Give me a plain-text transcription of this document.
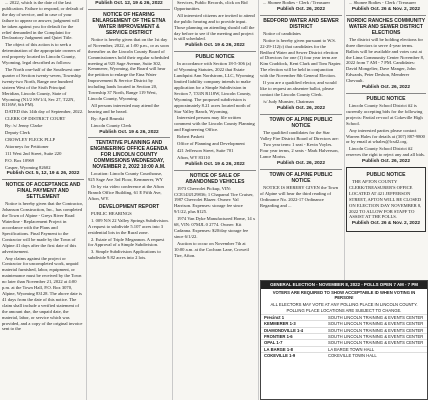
... 2022, which is the date of the last publication. Failure to respond, or default of the day of service, and in case of your failure to appear or answer, judgment will be taken against you for default for the relief demanded in the Complaint for Declaratory Judgment and Quiet Title.

The object of this action is to seek a determination of the appropriate owners of real property located in Lincoln County, Wyoming, legal described as follows:

The North one-half of the Southwest one-quarter of Section twenty-seven, Township twenty-two North, Range one hundred sixteen West of the Sixth Principal Meridian, Lincoln County, State of Wyoming (N1/2 SW1/4, Sec 27, T22N, R116W, 6th PM).

DATED this 14th day of September, 2022.

CLERK OF DISTRICT COURT

By: /s/ Jenny Clarke

Deputy Clerk

CROWLEY FLECK PLLP

Attorneys for Petitioner

111 West 2nd Street, Suite 220

P.O. Box 10969

Casper, Wyoming 82602

Publish Oct. 5, 12, 19 & 26, 2022
NOTICE OF ACCEPTANCE AND FINAL PAYMENT AND SETTLEMENT

Notice is hereby given that the Contractor, Johanson Construction, Inc., has completed the Town of Alpine - Greys River Road Waterline - Replacement Project in accordance with the Plans and Specifications. Final Payment to the Contractor will be made by the Town of Alpine 41 days after the first date of this advertisement.

Any claims against the project or Contractor for uncompleted work, unpaid material furnished, labor, equipment, or maintenance must be received by the Town no later than November 21, 2022 at 4:00 p.m. at the Town Hall, P.O. Box 3070, Alpine, Wyoming 83128. The above date is 41 days from the date of this notice. The claim shall include a verified statement of the amount due, the unpaid date, the material, labor, or service which was provided, and a copy of the original invoice sent to the

Publish Oct. 12, 19 & 26, 2022
NOTICE OF HEARING ENLARGEMENT OF THE ETNA WATER IMPROVEMENT & SERVICE DISTRICT

Notice is hereby given that on the 1st day of November, 2022, at 1:00 p.m., or as soon thereafter as the Lincoln County Board of Commissioners hold their regular scheduled meeting at 925 Sage Avenue, Suite 302, Kemmerer, Wyoming, the Board will hear the petition to enlarge the Etna Water Improvement & Service District by including lands located in Section 20, Township 37 North, Range 119 West, Lincoln County, Wyoming.

All persons interested may attend the hearing and be heard.

By: April Brunski

Lincoln County Clerk

Publish Oct. 19 & 26, 2022
TENTATIVE PLANNING AND ENGINEERING OFFICE AGENDA FOR LINCOLN COUNTY COMMISSIONS WEDNESDAY, NOVEMBER 2, 2022 10:00 A.M.

Location: Lincoln County Courthouse, 925 Sage Ave 3rd Floor, Kemmerer, WY

Or by via video conference at the Afton Branch Office Building, 61 E Fifth Ave, Afton, WY.

DEVELOPMENT REPORT

PUBLIC HEARINGS

1. 009 N/S 22 Valley Springs Subdivision. A request to subdivide 5.107 acres into 3 residential lots in the Rural zone.

2. Estate of Triple Megannon. A request for Approval of a Simple Subdivision.

3. Simple Subdivision Applications to subdivide 9.82 acres into 2 lots.

Services, Public Records, click on Bid Opportunities.

All interested citizens are invited to attend the public hearing and to provide input. Those planning on attending should call the day before to see if the meeting and project is still scheduled.

Publish Oct. 19 & 26, 2022
PUBLIC NOTICE

In accordance with Section 18-5-306 (a) of Wyoming Statutes, 2022 that Estate Lundquist Ann Nordstrom, LLC, Wyoming limited liability company intends to make application for a Simple Subdivision in Section 7, T33N R118W, Lincoln County, Wyoming. The proposed subdivision is approximately 8.21 acres located north of Star Valley Ranch, Wyoming.

Interested persons may file written comment with the Lincoln County Planning and Engineering Office.

Robert Paskett

Office of Planning and Development

421 Jefferson Street, Suite 701

Afton, WY 83110

Publish Oct. 19 & 26, 2022
NOTICE OF SALE OF ABANDONED VEHICLES

1973 Chevrolet Pickup, VIN: CCE143J129836; 1 Chaparral Tire Cruiser, 1987 Chevrolet Blazer. Owner: Val Harrison. Expenses: storage fee since 9/1/22, plus $125.

1974 Van Dyke Manufactured Home, 14 x 68, VIN: 07MJL 0 2774. Owner: Kit Cadanna. Expenses: $20/day storage fee since 6/1/22.

Auction to occur on November 7th at 10:00 a.m. at the Cochran Lane, Croweil Tire, Afton.

... Shonee Bodies - Clerk / Treasurer

Publish Oct. 26, 2022
BEDFORD WATER AND SEWER DISTRICT

Notice of candidates

Notice is hereby given pursuant to W.S. 22-29-112(c) that candidates for the Bedford Water and Sewer District election of Directors for one (1) four year term are Kim Craddock, Kent Clark and Tom Napier. The election will be held in conjunction with the November 8th General Election.

If you are a qualified elector, and would like to request an absentee ballot, please contact the Lincoln County Clerk.

/s/ Judy Munster, Chairman

Publish Oct. 26, 2022
TOWN OF ALPINE PUBLIC NOTICE

The qualified candidates for the Star Valley Fire District Board of Directors are:

Two year term: 1 seat - Kevin Voyles. Four year terms, 2 seats - Mark Halverson, Lance Moriss.

Publish Oct. 26, 2022
TOWN OF ALPINE PUBLIC NOTICE

NOTICE IS HEREBY GIVEN the Town of Alpine will hear the third reading of Ordinance No. 2022-17 Ordinance Regarding and ...

... Shonee Bodies - Clerk / Treasurer

Publish Oct. 26 & Nov. 2, 2022
NORDIC RANCHES COMMUNITY WATER AND SEWER DISTRICT ELECTIONS

The district will be holding elections for three directors to serve 4-year terms. Ballots will be available and votes cast at the Lima Community Center November 8, 2022 from 7 AM - 7 PM. Candidates: David Mongelier, Dave Manger, John Edwards, Peter Deshon, Menderer Chevault.

Publish Oct. 26, 2022
PUBLIC NOTICE

Lincoln County School District #2 is currently accepting bids for the following projects: Partial re-roof at Cokeville High School.

Any interested parties please contact Warren Hales for details at (307) 887-9800 or by email at whales@lcsd2.org.

Lincoln County School District #2 reserves the right to reject any and all bids.

Publish Oct. 26, 2022
PUBLIC NOTICE

THE AFTON COUNTY CLERK/TREASURER'S OFFICE LOCATED AT 421 JEFFERSON STREET, AFTON WILL BE CLOSED ON ELECTION DAY NOVEMBER 8, 2022 TO ALLOW FOR STAFF TO ASSIST AT THE POLLS.

Publish Oct. 26 & Nov. 2, 2022
GENERAL ELECTION - NOVEMBER 8, 2022 - POLLS OPEN 7 AM - 7 PM
VOTERS ARE REQUIRED TO SHOW ACCEPTABLE ID WHEN VOTING IN PERSON!
ALL ELECTORS MAY VOTE AT ANY POLLING PLACE IN LINCOLN COUNTY. POLLING PLACE LOCATIONS ARE SUBJECT TO CHANGE.
Precinct 1	SOUTH LINCOLN TRAINING & EVENTS CENTER
KEMMERER 1-3	SOUTH LINCOLN TRAINING & EVENTS CENTER
DIAMONDVILLE 1-4	SOUTH LINCOLN TRAINING & EVENTS CENTER
FRONTIER 1-6	SOUTH LINCOLN TRAINING & EVENTS CENTER
OPAL 1-7	SOUTH LINCOLN TRAINING & EVENTS CENTER
LA BARGE 1-8	LA BARGE TOWN HALL
COKEVILLE 1-9	COKEVILLE TOWN HALL
